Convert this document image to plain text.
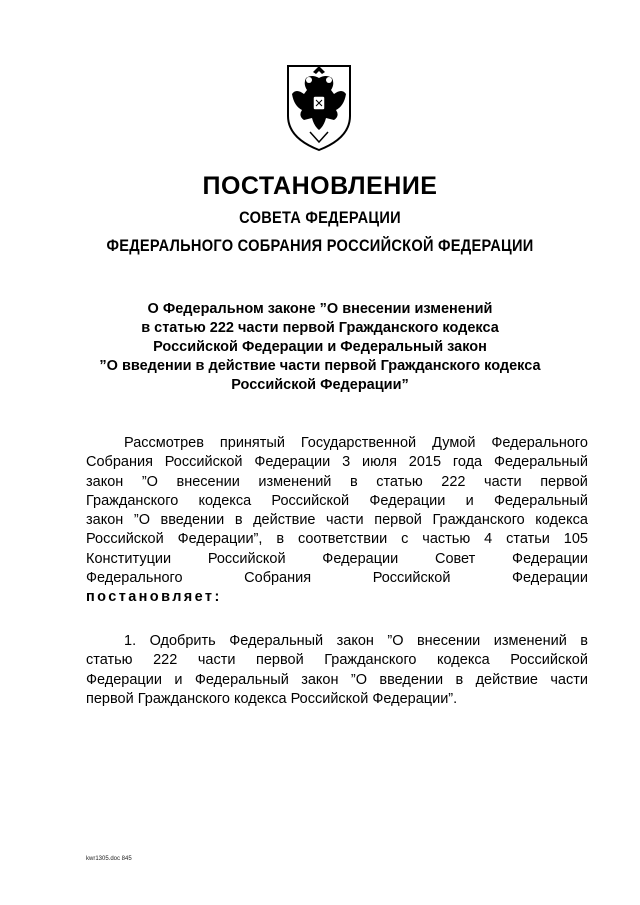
ПОСТАНОВЛЕНИЕ
СОВЕТА ФЕДЕРАЦИИ
ФЕДЕРАЛЬНОГО СОБРАНИЯ РОССИЙСКОЙ ФЕДЕРАЦИИ
О Федеральном законе ”О внесении изменений
в статью 222 части первой Гражданского кодекса
Российской Федерации и Федеральный закон
”О введении в действие части первой Гражданского кодекса
Российской Федерации”
Рассмотрев принятый Государственной Думой Федерального
Собрания Российской Федерации 3 июля 2015 года Федеральный
закон ”О внесении изменений в статью 222 части первой
Гражданского кодекса Российской Федерации и Федеральный
закон ”О введении в действие части первой Гражданского кодекса
Российской Федерации”, в соответствии с частью 4 статьи 105
Конституции	Российской	Федерации	Совет	Федерации
Федерального	Собрания	Российской	Федерации
постановляет:
1. Одобрить Федеральный закон ”О внесении изменений в
статью 222 части первой Гражданского кодекса Российской
Федерации и Федеральный закон ”О введении в действие части
первой Гражданского кодекса Российской Федерации”.
kwr1305.doc 845
